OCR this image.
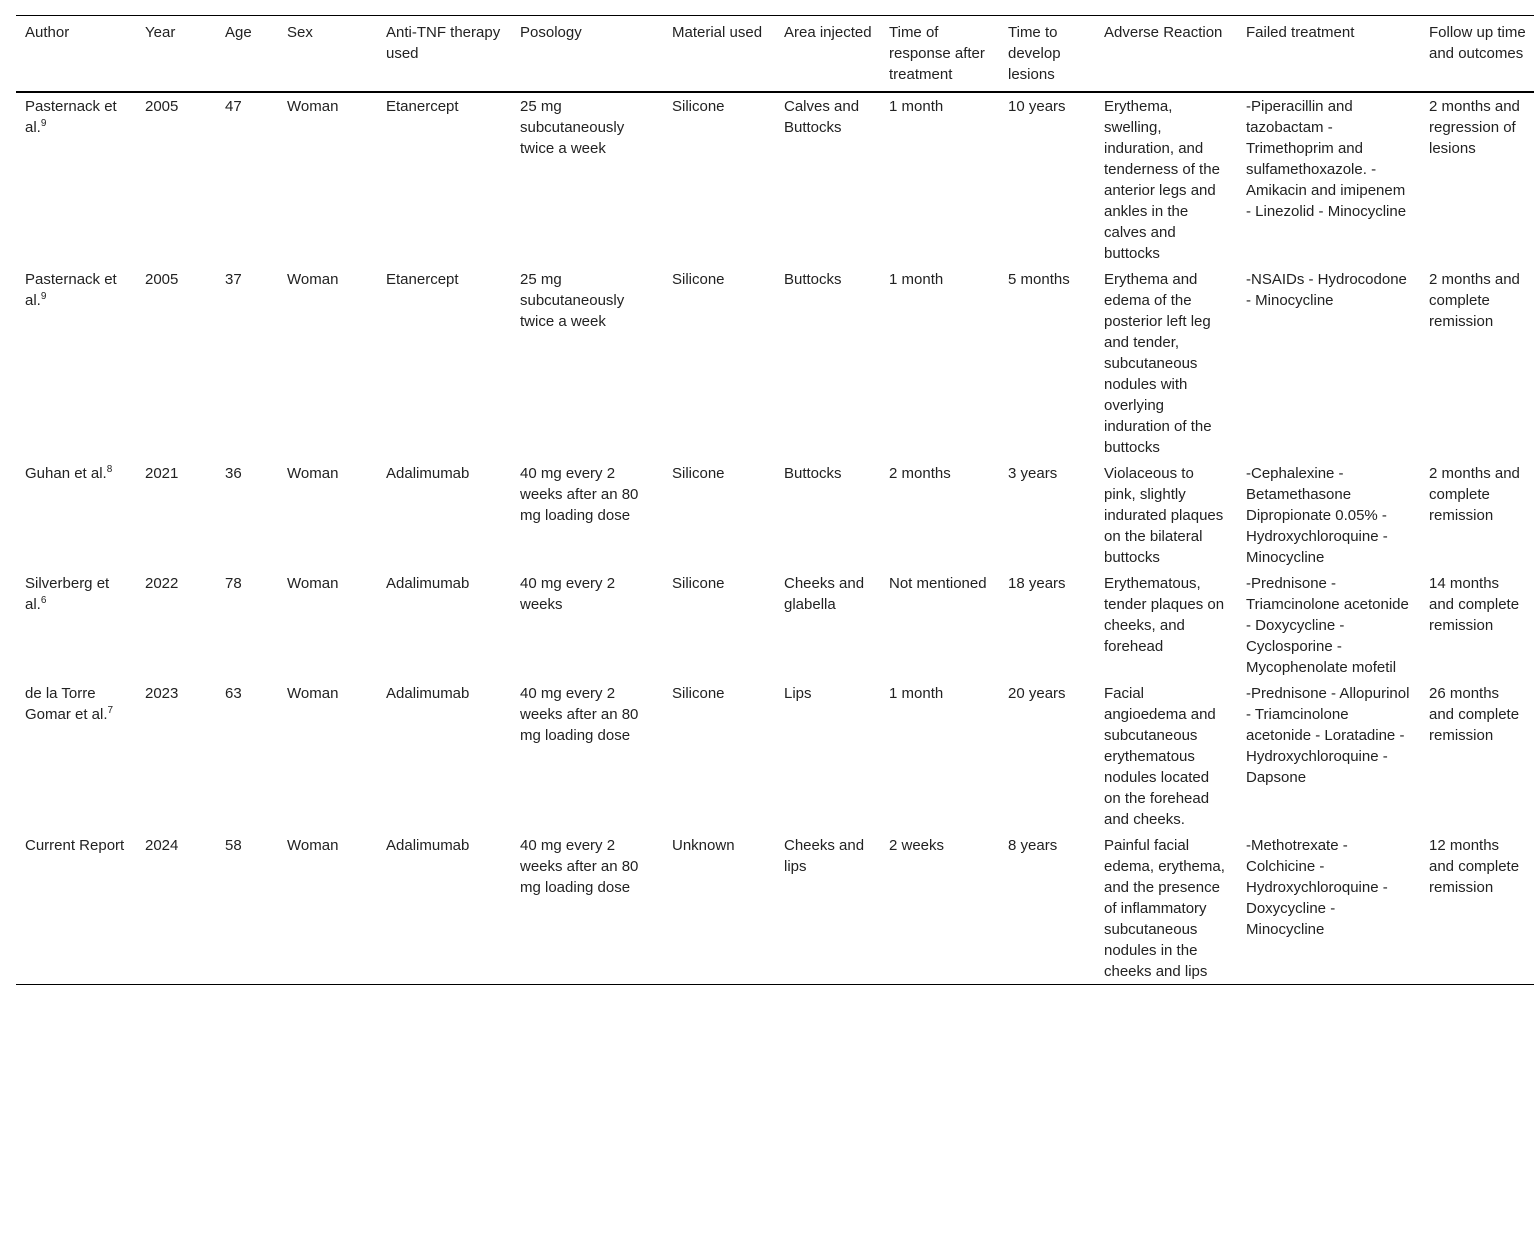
Author	Year	Age	Sex	Anti-TNF therapy used	Posology	Material used	Area injected	Time of response after treatment	Time to develop lesions	Adverse Reaction	Failed treatment	Follow up time and outcomes
Pasternack et al.$^9$	2005	47	Woman	Etanercept	25 mg subcutaneously twice a week	Silicone	Calves and Buttocks	1 month	10 years	Erythema, swelling, induration, and tenderness of the anterior legs and ankles in the calves and buttocks	-Piperacillin and tazobactam - Trimethoprim and sulfamethoxazole. - Amikacin and imipenem - Linezolid - Minocycline	2 months and regression of lesions
Pasternack et al.$^9$	2005	37	Woman	Etanercept	25 mg subcutaneously twice a week	Silicone	Buttocks	1 month	5 months	Erythema and edema of the posterior left leg and tender, subcutaneous nodules with overlying induration of the buttocks	-NSAIDs - Hydrocodone - Minocycline	2 months and complete remission
Guhan et al.$^8$	2021	36	Woman	Adalimumab	40 mg every 2 weeks after an 80 mg loading dose	Silicone	Buttocks	2 months	3 years	Violaceous to pink, slightly indurated plaques on the bilateral buttocks	-Cephalexine - Betamethasone Dipropionate 0.05% - Hydroxychloroquine -Minocycline	2 months and complete remission
Silverberg et al.$^6$	2022	78	Woman	Adalimumab	40 mg every 2 weeks	Silicone	Cheeks and glabella	Not mentioned	18 years	Erythematous, tender plaques on cheeks, and forehead	-Prednisone - Triamcinolone acetonide - Doxycycline - Cyclosporine - Mycophenolate mofetil	14 months and complete remission
de la Torre Gomar et al.$^7$	2023	63	Woman	Adalimumab	40 mg every 2 weeks after an 80 mg loading dose	Silicone	Lips	1 month	20 years	Facial angioedema and subcutaneous erythematous nodules located on the forehead and cheeks.	-Prednisone - Allopurinol - Triamcinolone acetonide - Loratadine - Hydroxychloroquine -Dapsone	26 months and complete remission
Current Report	2024	58	Woman	Adalimumab	40 mg every 2 weeks after an 80 mg loading dose	Unknown	Cheeks and lips	2 weeks	8 years	Painful facial edema, erythema, and the presence of inflammatory subcutaneous nodules in the cheeks and lips	-Methotrexate - Colchicine - Hydroxychloroquine -Doxycycline - Minocycline	12 months and complete remission
